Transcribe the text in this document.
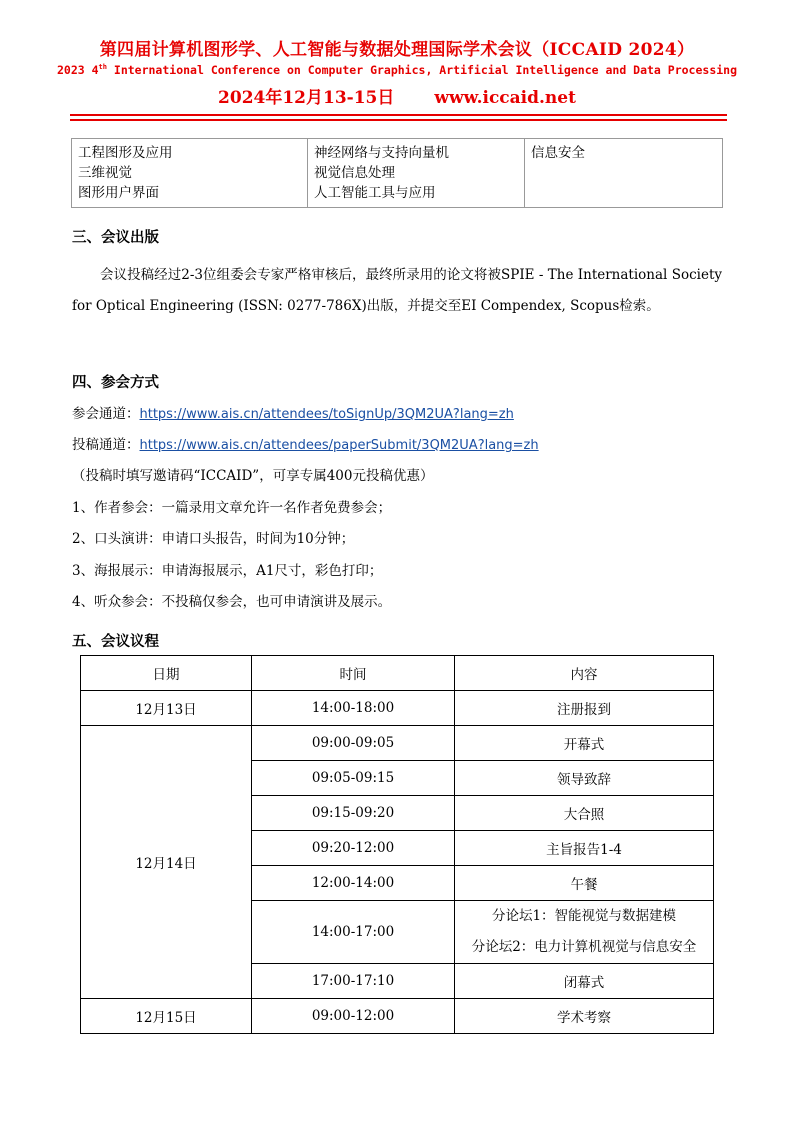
第四届计算机图形学、人工智能与数据处理国际学术会议（ICCAID 2024）
2023 4th International Conference on Computer Graphics, Artificial Intelligence and Data Processing
2024年12月13-15日 www.iccaid.net
工程图形及应用
三维视觉
图形用户界面

神经网络与支持向量机
视觉信息处理
人工智能工具与应用

信息安全
三、会议出版
会议投稿经过2-3位组委会专家严格审核后，最终所录用的论文将被SPIE - The International Society for Optical Engineering (ISSN: 0277-786X)出版，并提交至EI Compendex, Scopus检索。
四、参会方式
参会通道：https://www.ais.cn/attendees/toSignUp/3QM2UA?lang=zh
投稿通道：https://www.ais.cn/attendees/paperSubmit/3QM2UA?lang=zh
（投稿时填写邀请码“ICCAID”，可享专属400元投稿优惠）
1、作者参会：一篇录用文章允许一名作者免费参会；
2、口头演讲：申请口头报告，时间为10分钟；
3、海报展示：申请海报展示，A1尺寸，彩色打印；
4、听众参会：不投稿仅参会，也可申请演讲及展示。
五、会议议程
日期	时间	内容
12月13日	14:00-18:00	注册报到
12月14日	09:00-09:05	开幕式
	09:05-09:15	领导致辞
	09:15-09:20	大合照
	09:20-12:00	主旨报告1-4
	12:00-14:00	午餐
	14:00-17:00	分论坛1：智能视觉与数据建模
分论坛2：电力计算机视觉与信息安全

	17:00-17:10	闭幕式
12月15日	09:00-12:00	学术考察
